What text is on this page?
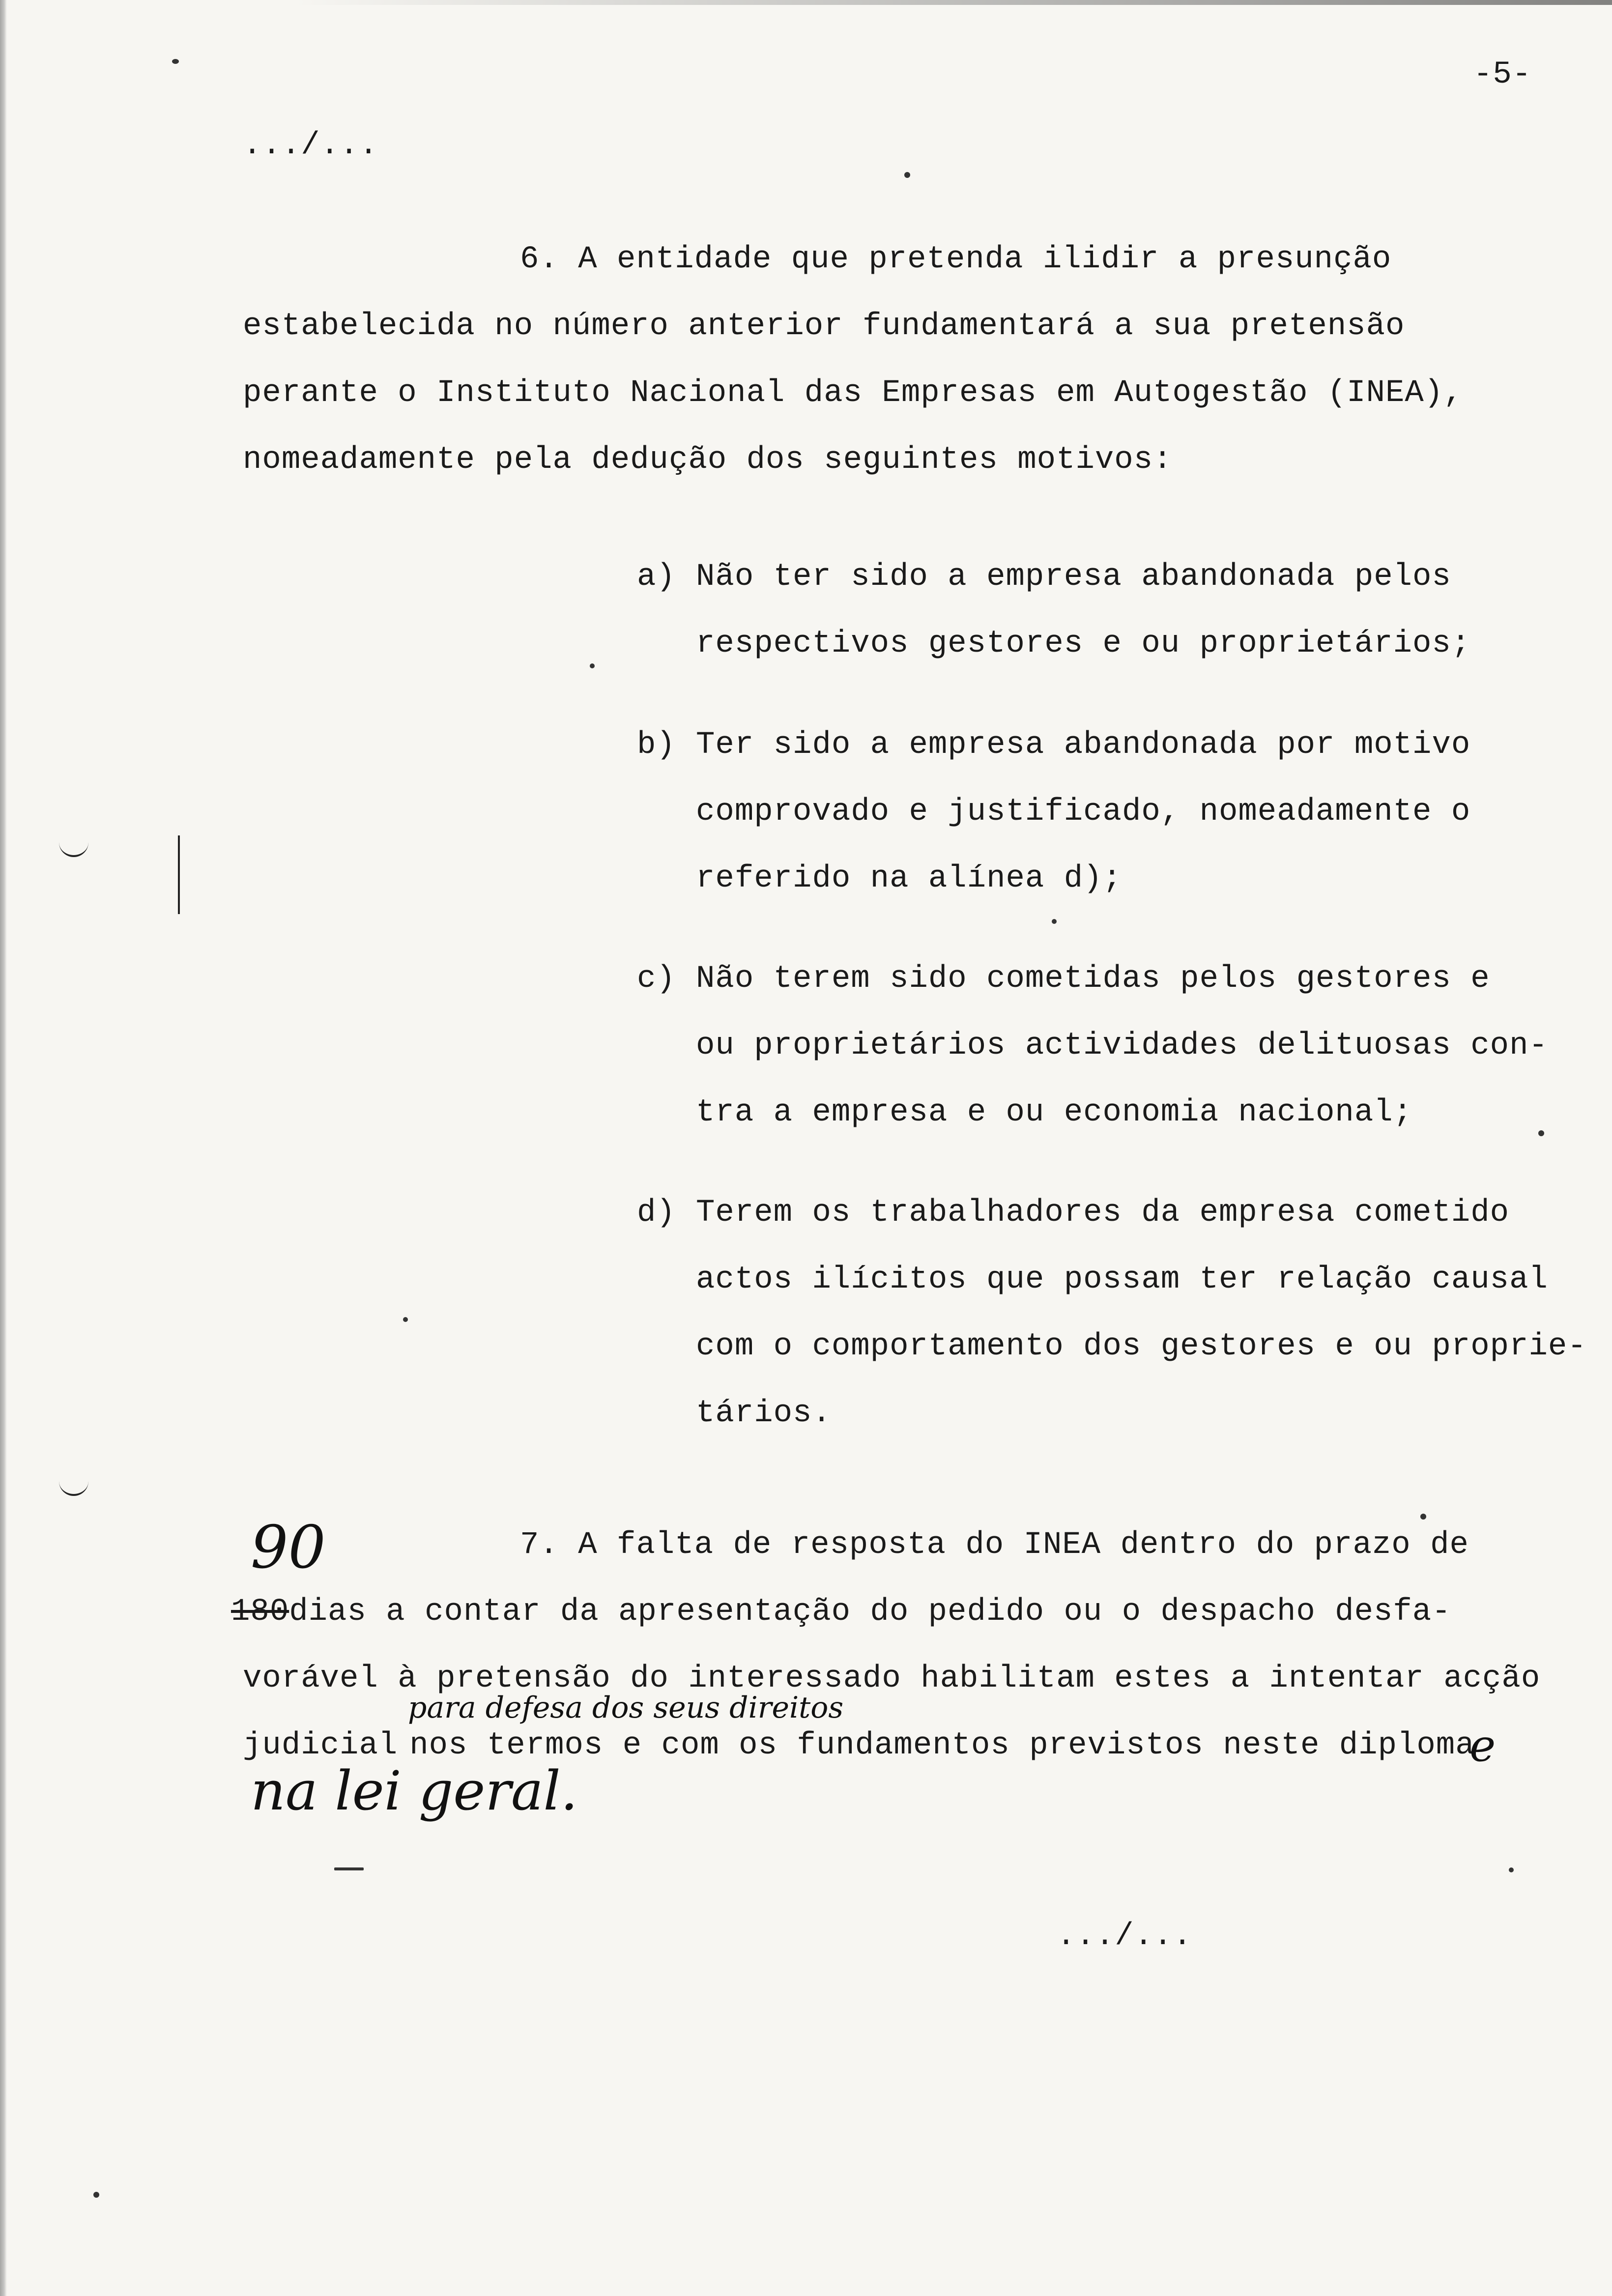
-5-
.../...
6. A entidade que pretenda ilidir a presunção
estabelecida no número anterior fundamentará a sua pretensão
perante o Instituto Nacional das Empresas em Autogestão (INEA),
nomeadamente pela dedução dos seguintes motivos:
a) Não ter sido a empresa abandonada pelos
respectivos gestores e ou proprietários;
b) Ter sido a empresa abandonada por motivo
comprovado e justificado, nomeadamente o
referido na alínea d);
c) Não terem sido cometidas pelos gestores e
ou proprietários actividades delituosas con-
tra a empresa e ou economia nacional;
d) Terem os trabalhadores da empresa cometido
actos ilícitos que possam ter relação causal
com o comportamento dos gestores e ou proprie-
tários.
90	7. A falta de resposta do INEA dentro do prazo de
180dias a contar da apresentação do pedido ou o despacho desfa-
vorável à pretensão do interessado habilitam estes a intentar acção
para defesa dos seus direitos
judicial nos termos e com os fundamentos previstos neste diploma
e
na lei geral.
.../...
